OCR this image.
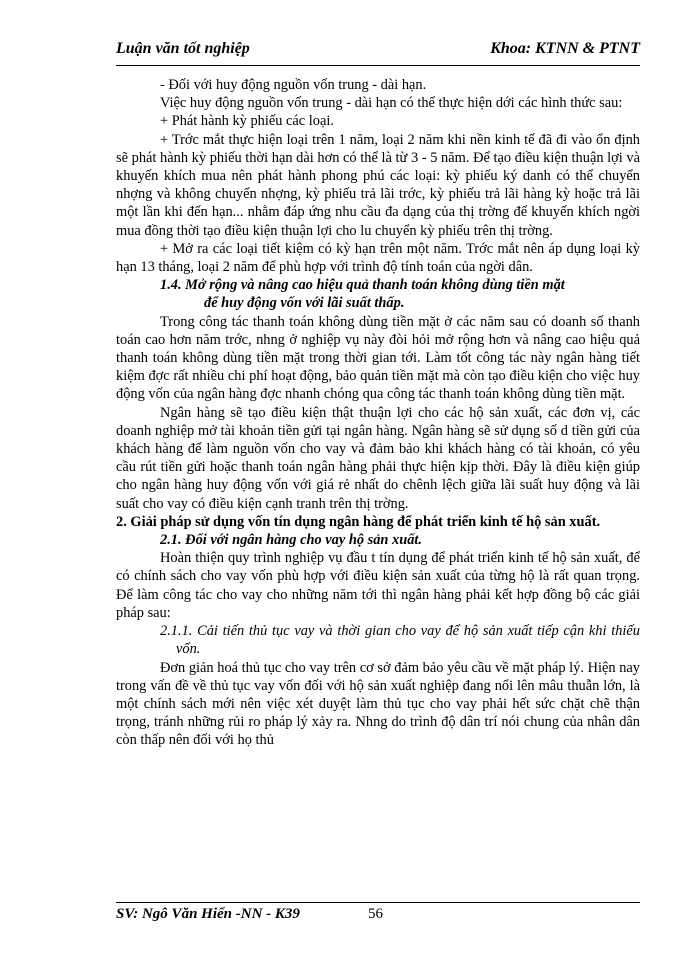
Luận văn tốt nghiệp	Khoa: KTNN & PTNT

- Đối với huy động nguồn vốn trung - dài hạn.

Việc huy động nguồn vốn trung - dài hạn có thể thực hiện dới các hình thức sau:

+ Phát hành kỳ phiếu các loại.

+ Trớc mắt thực hiện loại trên 1 năm, loại 2 năm khi nền kinh tế đã đi vào ổn định sẽ phát hành kỳ phiếu thời hạn dài hơn có thể là từ 3 - 5 năm. Để tạo điều kiện thuận lợi và khuyến khích mua nên phát hành phong phú các loại: kỳ phiếu ký danh có thể chuyển nhợng và không chuyển nhợng, kỳ phiếu trả lãi trớc, kỳ phiếu trả lãi hàng kỳ hoặc trả lãi một lần khi đến hạn... nhằm đáp ứng nhu cầu đa dạng của thị trờng để khuyến khích ngời mua đồng thời tạo điều kiện thuận lợi cho lu chuyển kỳ phiếu trên thị trờng.

+ Mở ra các loại tiết kiệm có kỳ hạn trên một năm. Trớc mắt nên áp dụng loại kỳ hạn 13 tháng, loại 2 năm để phù hợp với trình độ tính toán của ngời dân.

1.4. Mở rộng và nâng cao hiệu quả thanh toán không dùng tiền mặt
để huy động vốn với lãi suất thấp.

Trong công tác thanh toán không dùng tiền mặt ở các năm sau có doanh số thanh toán cao hơn năm trớc, nhng ở nghiệp vụ này đòi hỏi mở rộng hơn và nâng cao hiệu quả thanh toán không dùng tiền mặt trong thời gian tới. Làm tốt công tác này ngân hàng tiết kiệm đợc rất nhiều chi phí hoạt động, bảo quản tiền mặt mà còn tạo điều kiện cho việc huy động vốn của ngân hàng đợc nhanh chóng qua công tác thanh toán không dùng tiền mặt.

Ngân hàng sẽ tạo điều kiện thật thuận lợi cho các hộ sản xuất, các đơn vị, các doanh nghiệp mở tài khoản tiền gửi tại ngân hàng. Ngân hàng sẽ sử dụng số d tiền gửi của khách hàng để làm nguồn vốn cho vay và đảm bảo khi khách hàng có tài khoản, có yêu cầu rút tiền gửi hoặc thanh toán ngân hàng phải thực hiện kịp thời. Đây là điều kiện giúp cho ngân hàng huy động vốn với giá rẻ nhất do chênh lệch giữa lãi suất huy động và lãi suất cho vay có điều kiện cạnh tranh trên thị trờng.

2. Giải pháp sử dụng vốn tín dụng ngân hàng để phát triển kinh tế hộ sản xuất.

2.1. Đối với ngân hàng cho vay hộ sản xuất.

Hoàn thiện quy trình nghiệp vụ đầu t tín dụng để phát triển kinh tế hộ sản xuất, để có chính sách cho vay vốn phù hợp với điều kiện sản xuất của từng hộ là rất quan trọng. Để làm công tác cho vay cho những năm tới thì ngân hàng phải kết hợp đồng bộ các giải pháp sau:

2.1.1. Cải tiến thủ tục vay và thời gian cho vay để hộ sản xuất tiếp cận khi thiếu vốn.

Đơn giản hoá thủ tục cho vay trên cơ sở đảm bảo yêu cầu về mặt pháp lý. Hiện nay trong vấn đề về thủ tục vay vốn đối với hộ sản xuất nghiệp đang nổi lên mâu thuẫn lớn, là một chính sách mới nên việc xét duyệt làm thủ tục cho vay phải hết sức chặt chẽ thận trọng, tránh những rủi ro pháp lý xảy ra. Nhng do trình độ dân trí nói chung của nhân dân còn thấp nên đối với họ thủ

SV: Ngô Văn Hiển -NN - K39	56
